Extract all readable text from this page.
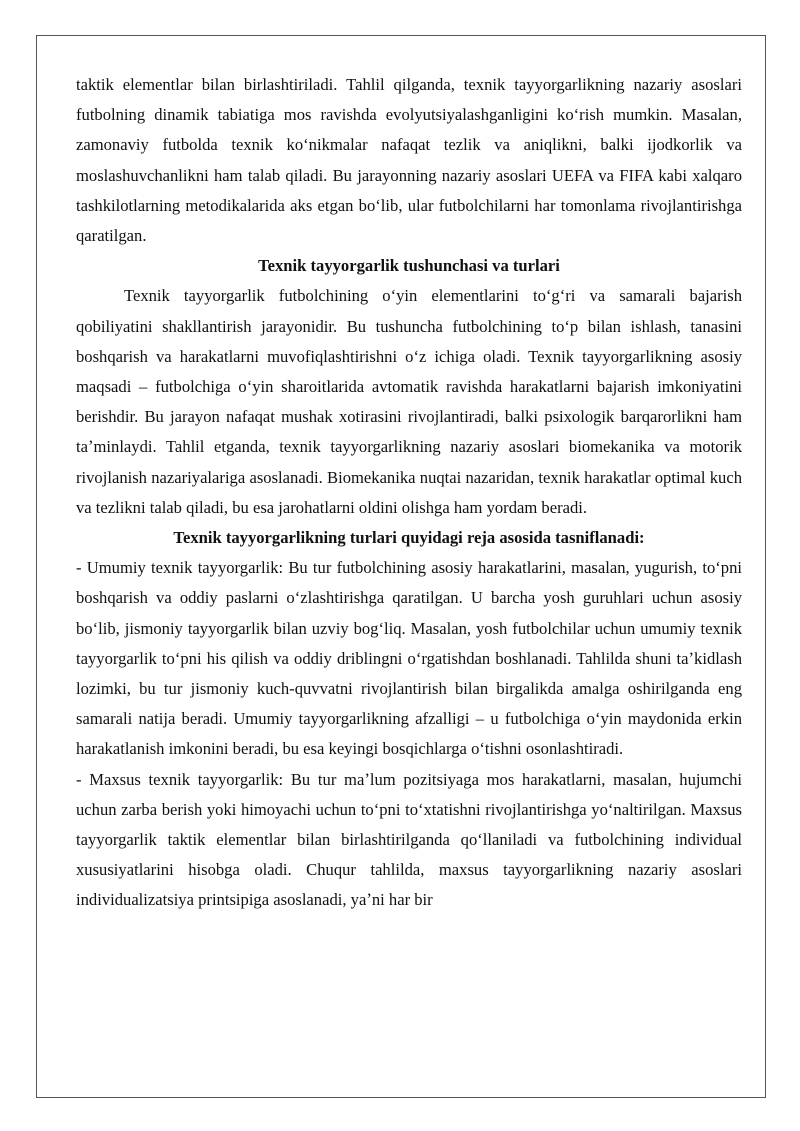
taktik elementlar bilan birlashtiriladi. Tahlil qilganda, texnik tayyorgarlikning nazariy asoslari futbolning dinamik tabiatiga mos ravishda evolyutsiyalashganligini koʻrish mumkin. Masalan, zamonaviy futbolda texnik koʻnikmalar nafaqat tezlik va aniqlikni, balki ijodkorlik va moslashuvchanlikni ham talab qiladi. Bu jarayonning nazariy asoslari UEFA va FIFA kabi xalqaro tashkilotlarning metodikalarida aks etgan boʻlib, ular futbolchilarni har tomonlama rivojlantirishga qaratilgan.

Texnik tayyorgarlik tushunchasi va turlari

Texnik tayyorgarlik futbolchining oʻyin elementlarini toʻgʻri va samarali bajarish qobiliyatini shakllantirish jarayonidir. Bu tushuncha futbolchining toʻp bilan ishlash, tanasini boshqarish va harakatlarni muvofiqlashtirishni oʻz ichiga oladi. Texnik tayyorgarlikning asosiy maqsadi – futbolchiga oʻyin sharoitlarida avtomatik ravishda harakatlarni bajarish imkoniyatini berishdir. Bu jarayon nafaqat mushak xotirasini rivojlantiradi, balki psixologik barqarorlikni ham taʼminlaydi. Tahlil etganda, texnik tayyorgarlikning nazariy asoslari biomekanika va motorik rivojlanish nazariyalariga asoslanadi. Biomekanika nuqtai nazaridan, texnik harakatlar optimal kuch va tezlikni talab qiladi, bu esa jarohatlarni oldini olishga ham yordam beradi.

Texnik tayyorgarlikning turlari quyidagi reja asosida tasniflanadi:

- Umumiy texnik tayyorgarlik: Bu tur futbolchining asosiy harakatlarini, masalan, yugurish, toʻpni boshqarish va oddiy paslarni oʻzlashtirishga qaratilgan. U barcha yosh guruhlari uchun asosiy boʻlib, jismoniy tayyorgarlik bilan uzviy bogʻliq. Masalan, yosh futbolchilar uchun umumiy texnik tayyorgarlik toʻpni his qilish va oddiy driblingni oʻrgatishdan boshlanadi. Tahlilda shuni taʼkidlash lozimki, bu tur jismoniy kuch-quvvatni rivojlantirish bilan birgalikda amalga oshirilganda eng samarali natija beradi. Umumiy tayyorgarlikning afzalligi – u futbolchiga oʻyin maydonida erkin harakatlanish imkonini beradi, bu esa keyingi bosqichlarga oʻtishni osonlashtiradi.

- Maxsus texnik tayyorgarlik: Bu tur maʼlum pozitsiyaga mos harakatlarni, masalan, hujumchi uchun zarba berish yoki himoyachi uchun toʻpni toʻxtatishni rivojlantirishga yoʻnaltirilgan. Maxsus tayyorgarlik taktik elementlar bilan birlashtirilganda qoʻllaniladi va futbolchining individual xususiyatlarini hisobga oladi. Chuqur tahlilda, maxsus tayyorgarlikning nazariy asoslari individualizatsiya printsipiga asoslanadi, yaʼni har bir
